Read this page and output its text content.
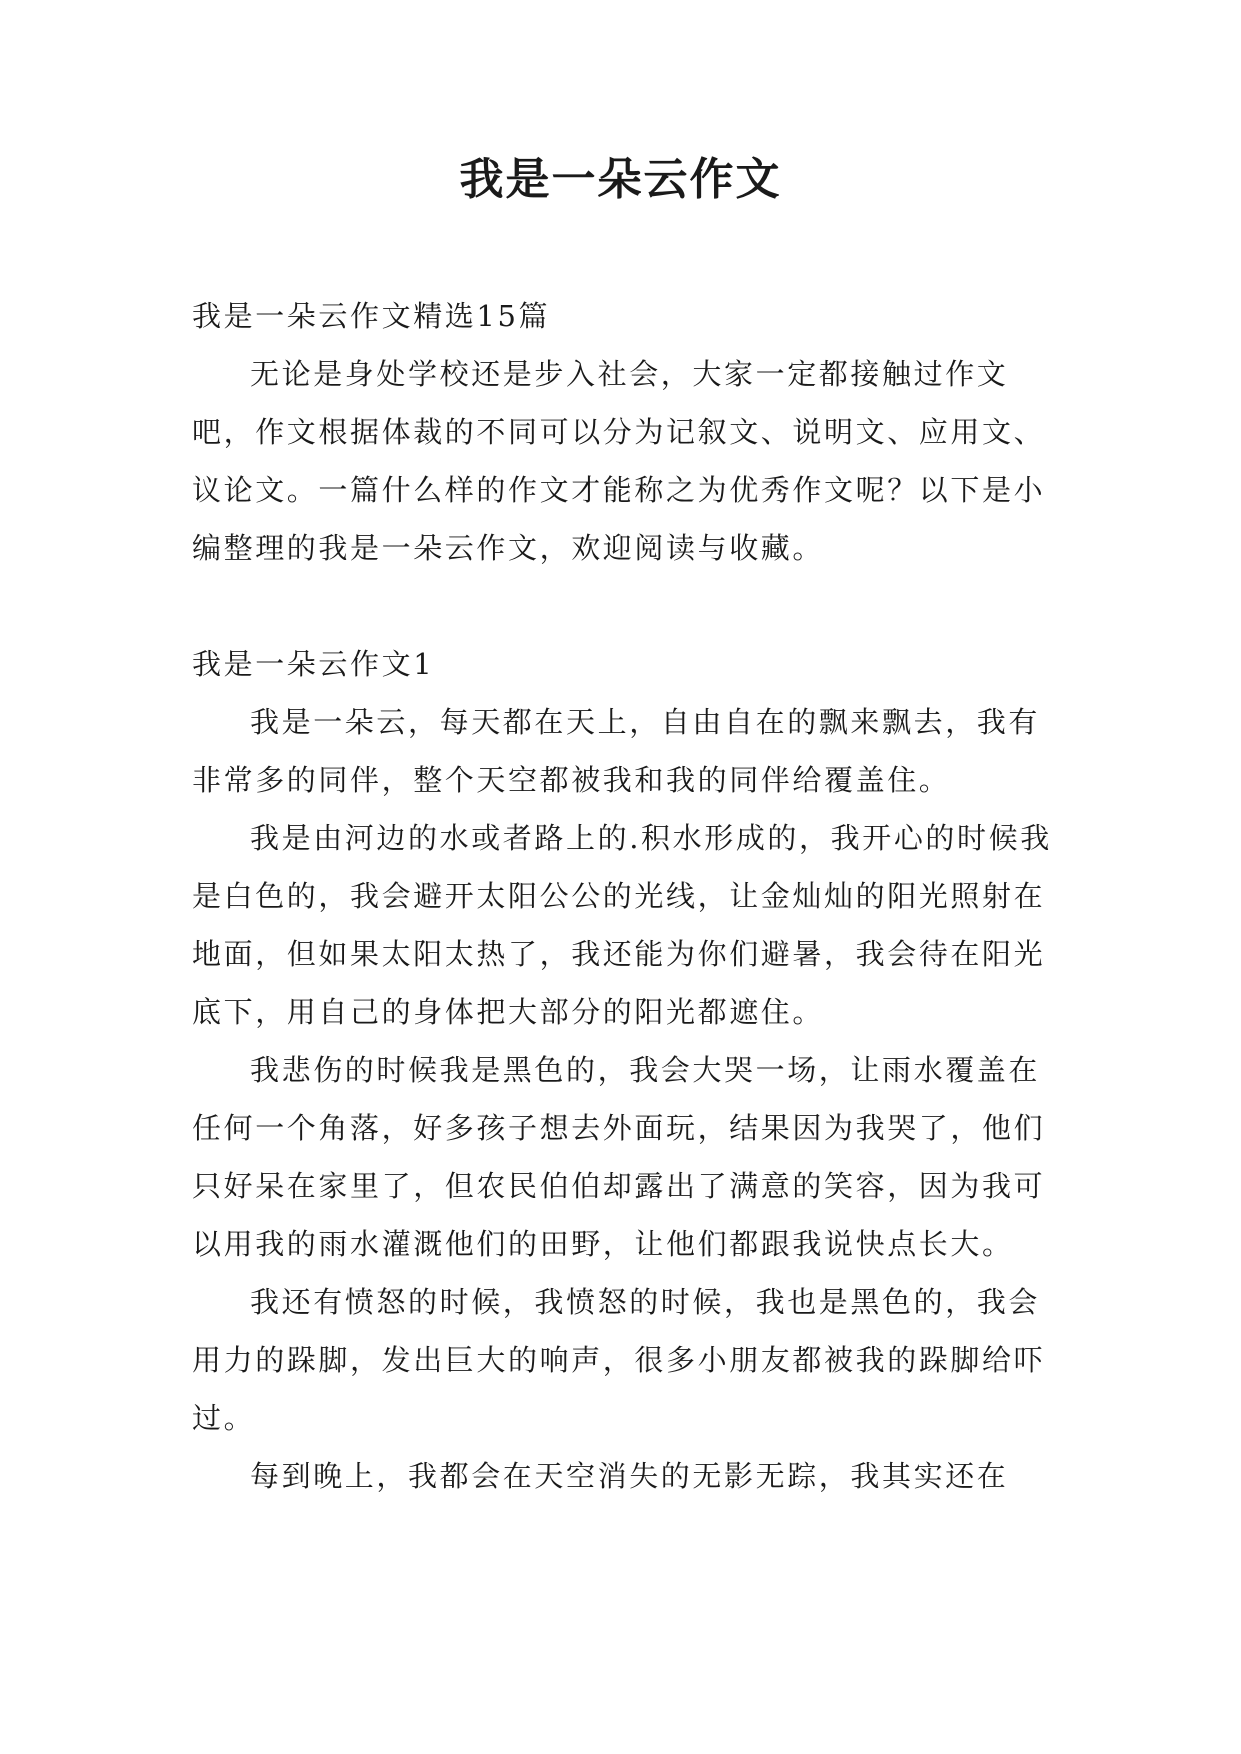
我是一朵云作文

我是一朵云作文精选15篇

无论是身处学校还是步入社会，大家一定都接触过作文吧，作文根据体裁的不同可以分为记叙文、说明文、应用文、议论文。一篇什么样的作文才能称之为优秀作文呢？以下是小编整理的我是一朵云作文，欢迎阅读与收藏。

我是一朵云作文1

我是一朵云，每天都在天上，自由自在的飘来飘去，我有非常多的同伴，整个天空都被我和我的同伴给覆盖住。

我是由河边的水或者路上的.积水形成的，我开心的时候我是白色的，我会避开太阳公公的光线，让金灿灿的阳光照射在地面，但如果太阳太热了，我还能为你们避暑，我会待在阳光底下，用自己的身体把大部分的阳光都遮住。

我悲伤的时候我是黑色的，我会大哭一场，让雨水覆盖在任何一个角落，好多孩子想去外面玩，结果因为我哭了，他们只好呆在家里了，但农民伯伯却露出了满意的笑容，因为我可以用我的雨水灌溉他们的田野，让他们都跟我说快点长大。

我还有愤怒的时候，我愤怒的时候，我也是黑色的，我会用力的跺脚，发出巨大的响声，很多小朋友都被我的跺脚给吓过。

每到晚上，我都会在天空消失的无影无踪，我其实还在
